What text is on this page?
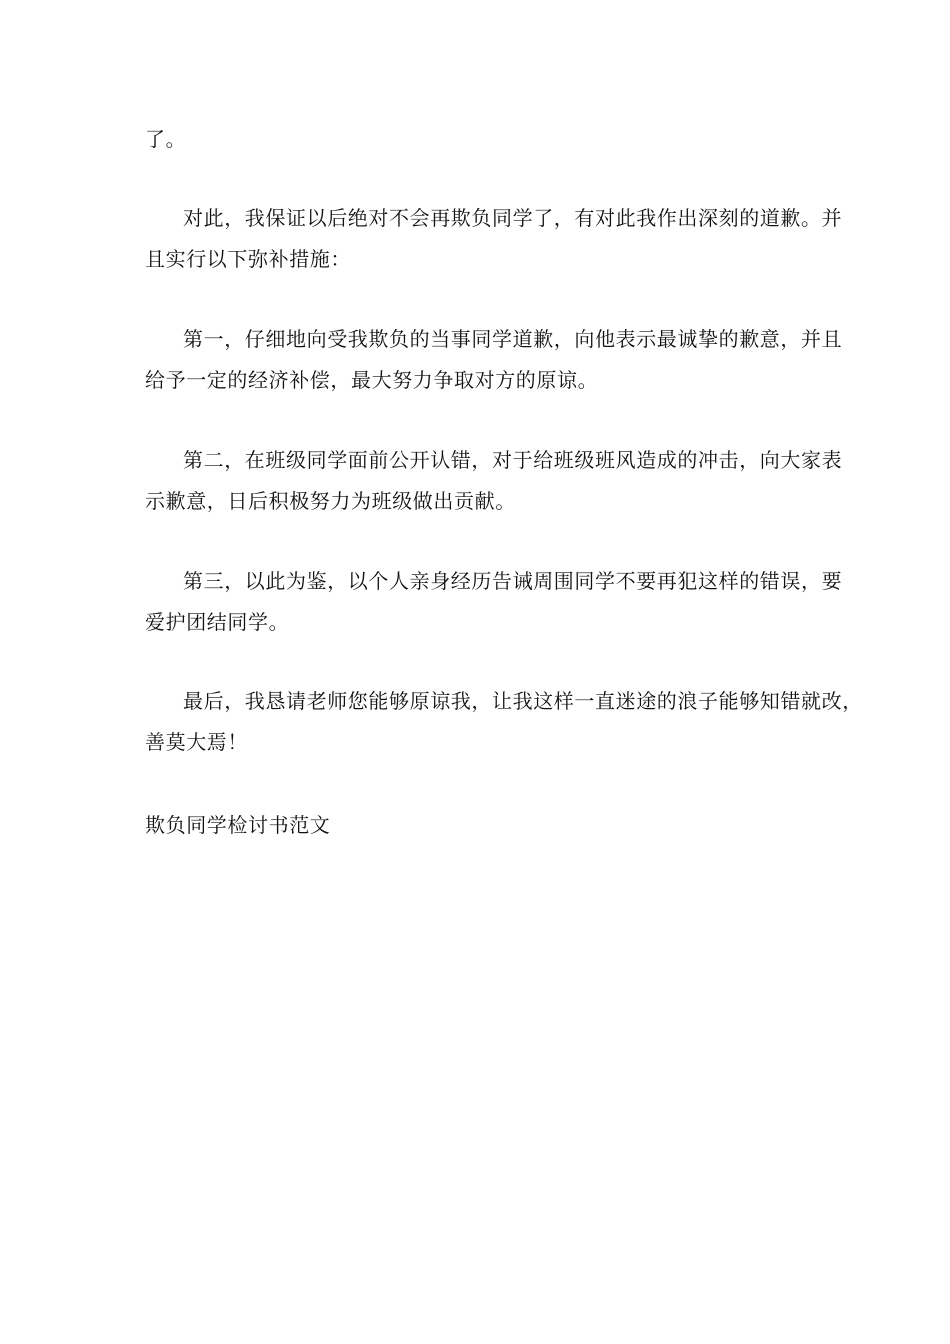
了。
对此，我保证以后绝对不会再欺负同学了，有对此我作出深刻的道歉。并
且实行以下弥补措施：
第一，仔细地向受我欺负的当事同学道歉，向他表示最诚挚的歉意，并且
给予一定的经济补偿，最大努力争取对方的原谅。
第二，在班级同学面前公开认错，对于给班级班风造成的冲击，向大家表
示歉意，日后积极努力为班级做出贡献。
第三，以此为鉴，以个人亲身经历告诫周围同学不要再犯这样的错误，要
爱护团结同学。
最后，我恳请老师您能够原谅我，让我这样一直迷途的浪子能够知错就改，
善莫大焉！
欺负同学检讨书范文
